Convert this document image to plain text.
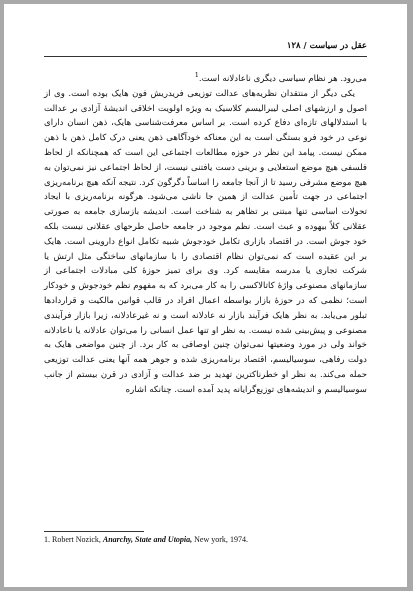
عقل در سیاست / ۱۲۸

می‌رود. هر نظام سیاسی دیگری ناعادلانه است.$^1$

یکی دیگر از منتقدان نظریه‌های عدالت توزیعی فریدریش فون هایک بوده است. وی از اصول و ارزشهای اصلی لیبرالیسم کلاسیک به ویژه اولویت اخلاقی اندیشهٔ آزادی بر عدالت با استدلالهای تازه‌ای دفاع کرده است. بر اساس معرفت‌شناسی هایک، ذهن انسان دارای نوعی در خود فرو بستگی است به این معناکه خودآگاهی ذهن یعنی درک کامل ذهن با ذهن ممکن نیست. پیامد این نظر در حوزه مطالعات اجتماعی این است که همچنانکه از لحاظ فلسفی هیچ موضع استعلایی و برینی دست یافتنی نیست، از لحاظ اجتماعی نیز نمی‌توان به هیچ موضع مشرفی رسید تا از آنجا جامعه را اساساً دگرگون کرد. نتیجه آنکه هیچ برنامه‌ریزی اجتماعی در جهت تأمین عدالت از همین جا ناشی می‌شود. هرگونه برنامه‌ریزی با ایجاد تحولات اساسی تنها مبتنی بر تظاهر به شناخت است. اندیشه بازسازی جامعه به صورتی عقلانی کلاً بیهوده و عبث است. نظم موجود در جامعه حاصل طرحهای عقلانی نیست بلکه خود جوش است. در اقتصاد بازاری تکامل خودجوش شبیه تکامل انواع داروینی است. هایک بر این عقیده است که نمی‌توان نظام اقتصادی را با سازمانهای ساختگی مثل ارتش یا شرکت تجاری یا مدرسه مقایسه کرد. وی برای تمیز حوزهٔ کلی مبادلات اجتماعی از سازمانهای مصنوعی واژهٔ کاتالاکسی را به کار می‌برد که به مفهوم نظم خودجوش و خودکار است؛ نظمی که در حوزهٔ بازار بواسطه اعمال افراد در قالب قوانین مالکیت و قراردادها تبلور می‌یابد. به نظر هایک فرآیند بازار نه عادلانه است و نه غیرعادلانه، زیرا بازار فرآیندی مصنوعی و پیش‌بینی شده نیست. به نظر او تنها عمل انسانی را می‌توان عادلانه یا ناعادلانه خواند ولی در مورد وضعیتها نمی‌توان چنین اوصافی به کار برد. از چنین مواضعی هایک به دولت رفاهی، سوسیالیسم، اقتصاد برنامه‌ریزی شده و جوهر همه آنها یعنی عدالت توزیعی حمله می‌کند. به نظر او خطرناکترین تهدید بر ضد عدالت و آزادی در قرن بیستم از جانب سوسیالیسم و اندیشه‌های توزیع‌گرایانه پدید آمده است. چنانکه اشاره

1. Robert Nozick, Anarchy, State and Utopia, New york, 1974.
